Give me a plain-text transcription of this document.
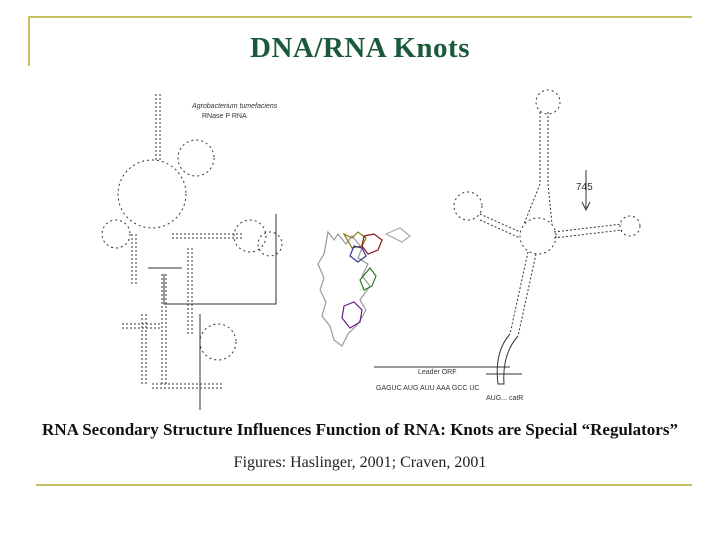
DNA/RNA Knots
Agrobacterium tumefaciens
RNase P RNA
745
Leader ORF
GAGUC AUG AUU AAA GCC UC
AUG... catR
RNA Secondary Structure Influences Function of RNA: Knots are Special “Regulators”
Figures: Haslinger, 2001; Craven, 2001
